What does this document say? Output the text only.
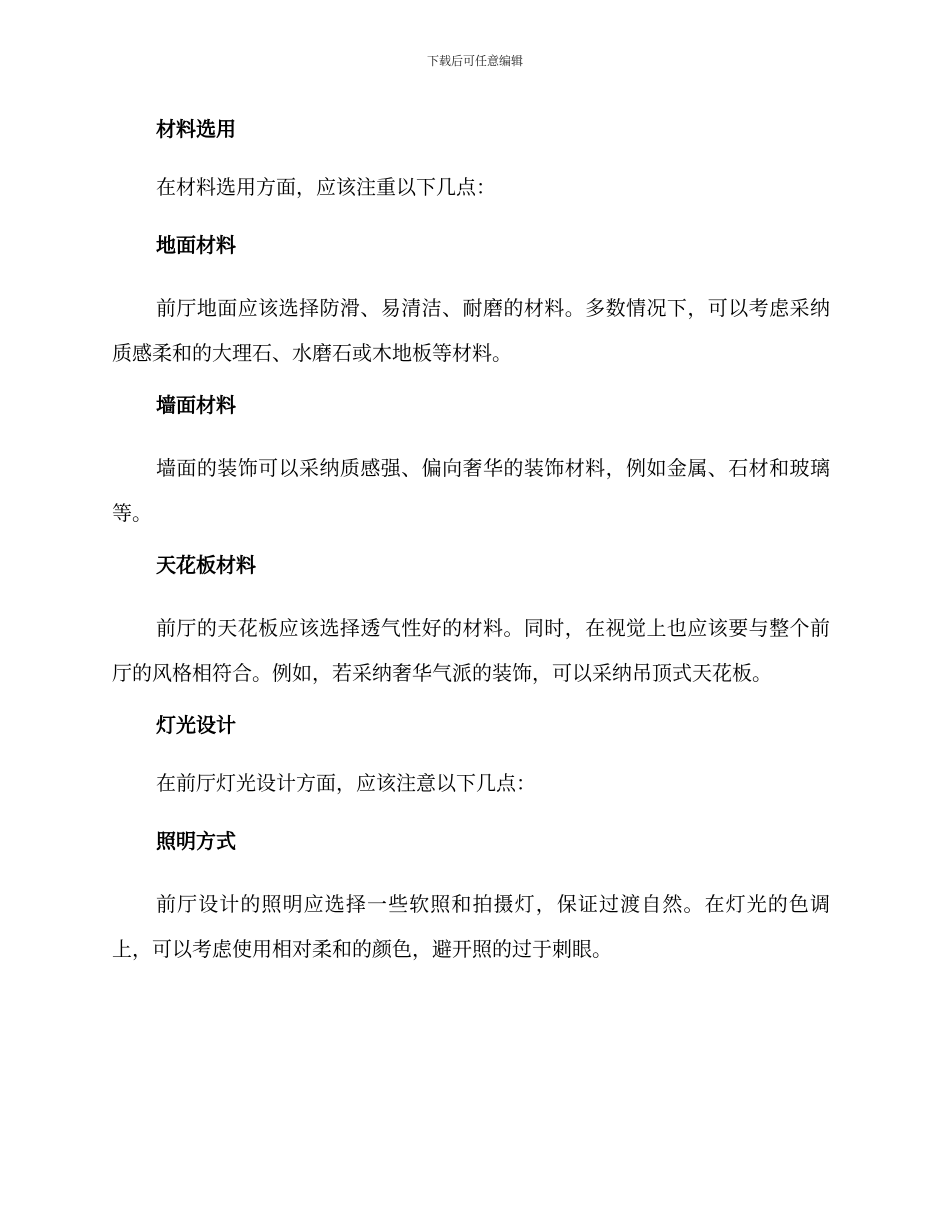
下载后可任意编辑
材料选用

在材料选用方面，应该注重以下几点：

地面材料

前厅地面应该选择防滑、易清洁、耐磨的材料。多数情况下，可以考虑采纳质感柔和的大理石、水磨石或木地板等材料。

墙面材料

墙面的装饰可以采纳质感强、偏向奢华的装饰材料，例如金属、石材和玻璃等。

天花板材料

前厅的天花板应该选择透气性好的材料。同时，在视觉上也应该要与整个前厅的风格相符合。例如，若采纳奢华气派的装饰，可以采纳吊顶式天花板。

灯光设计

在前厅灯光设计方面，应该注意以下几点：

照明方式

前厅设计的照明应选择一些软照和拍摄灯，保证过渡自然。在灯光的色调上，可以考虑使用相对柔和的颜色，避开照的过于刺眼。
